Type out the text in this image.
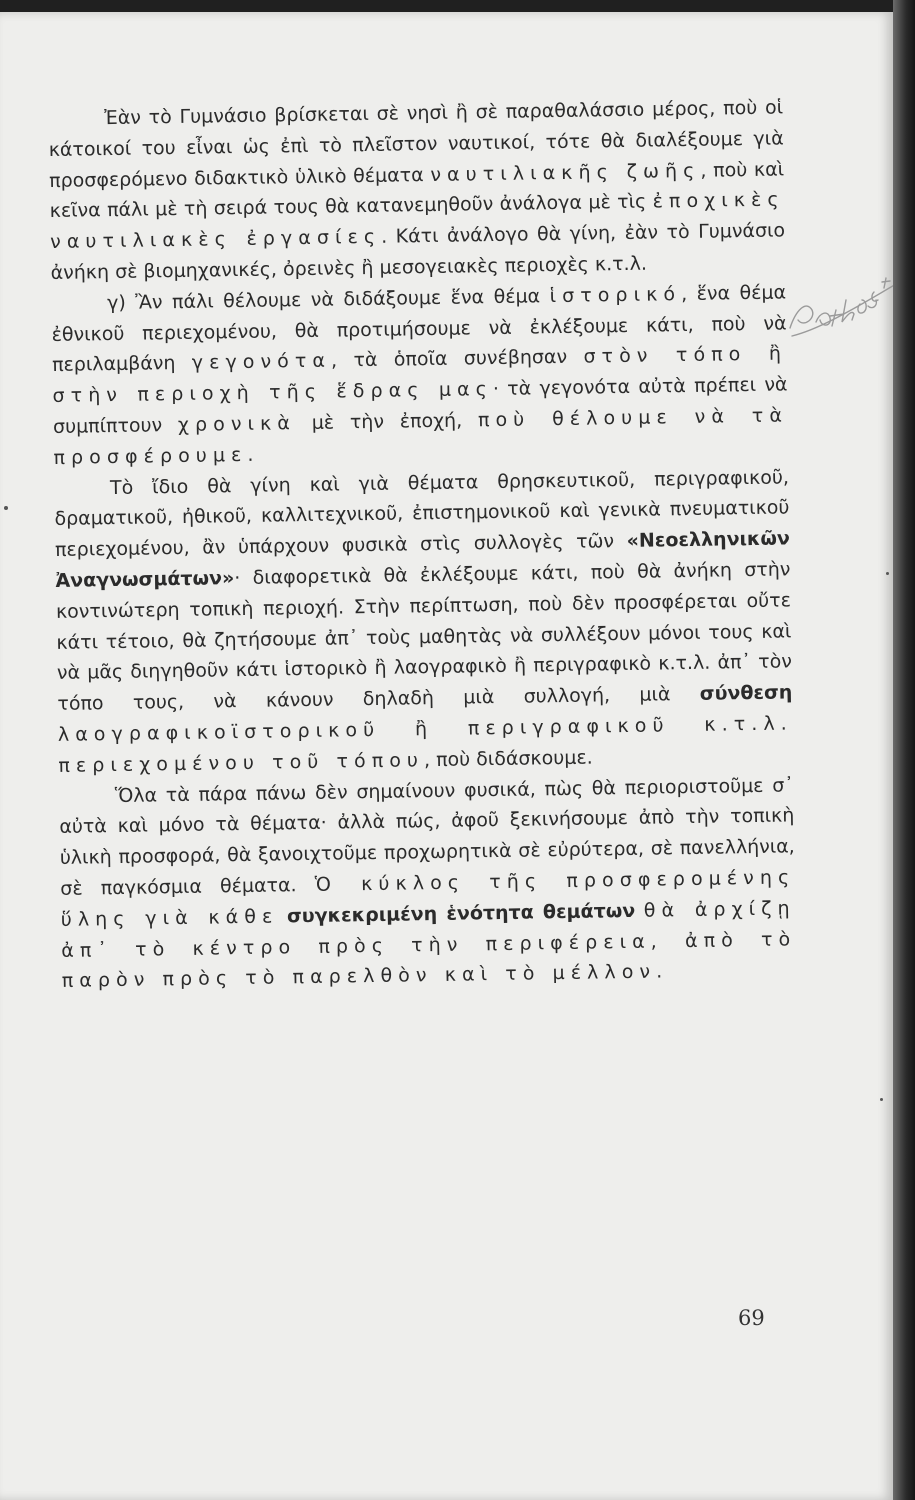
Ἐὰν τὸ Γυμνάσιο βρίσκεται σὲ νησὶ ἢ σὲ παραθαλάσσιο μέρος, ποὺ οἱ κάτοικοί του εἶναι ὡς ἐπὶ τὸ πλεῖστον ναυτικοί, τότε θὰ διαλέξουμε γιὰ προσφερόμενο διδακτικὸ ὑλικὸ θέματα ναυτιλιακῆς ζωῆς, ποὺ καὶ κεῖνα πάλι μὲ τὴ σειρά τους θὰ κατανεμηθοῦν ἀνάλογα μὲ τὶς ἐποχικὲς ναυτιλιακὲς ἐργασίες. Κάτι ἀνάλογο θὰ γίνη, ἐὰν τὸ Γυμνάσιο ἀνήκη σὲ βιομηχανικές, ὀρεινὲς ἢ μεσογειακὲς περιοχὲς κ.τ.λ.

γ) Ἂν πάλι θέλουμε νὰ διδάξουμε ἕνα θέμα ἱστορικό, ἕνα θέμα ἐθνικοῦ περιεχομένου, θὰ προτιμήσουμε νὰ ἐκλέξουμε κάτι, ποὺ νὰ περιλαμβάνη γεγονότα, τὰ ὁποῖα συνέβησαν στὸν τόπο ἢ στὴν περιοχὴ τῆς ἕδρας μας· τὰ γεγονότα αὐτὰ πρέπει νὰ συμπίπτουν χρονικὰ μὲ τὴν ἐποχή, ποὺ θέλουμε νὰ τὰ προσφέρουμε.

Τὸ ἴδιο θὰ γίνη καὶ γιὰ θέματα θρησκευτικοῦ, περιγραφικοῦ, δραματικοῦ, ἠθικοῦ, καλλιτεχνικοῦ, ἐπιστημονικοῦ καὶ γενικὰ πνευματικοῦ περιεχομένου, ἂν ὑπάρχουν φυσικὰ στὶς συλλογὲς τῶν «Νεοελληνικῶν Ἀναγνωσμάτων»· διαφορετικὰ θὰ ἐκλέξουμε κάτι, ποὺ θὰ ἀνήκη στὴν κοντινώτερη τοπικὴ περιοχή. Στὴν περίπτωση, ποὺ δὲν προσφέρεται οὔτε κάτι τέτοιο, θὰ ζητήσουμε ἀπ᾽ τοὺς μαθητὰς νὰ συλλέξουν μόνοι τους καὶ νὰ μᾶς διηγηθοῦν κάτι ἱστορικὸ ἢ λαογραφικὸ ἢ περιγραφικὸ κ.τ.λ. ἀπ᾽ τὸν τόπο τους, νὰ κάνουν δηλαδὴ μιὰ συλλογή, μιὰ σύνθεση λαογραφικοϊστορικοῦ ἢ περιγραφικοῦ κ.τ.λ. περιεχομένου τοῦ τόπου, ποὺ διδάσκουμε.

Ὅλα τὰ πάρα πάνω δὲν σημαίνουν φυσικά, πὼς θὰ περιοριστοῦμε σ᾽ αὐτὰ καὶ μόνο τὰ θέματα· ἀλλὰ πώς, ἀφοῦ ξεκινήσουμε ἀπὸ τὴν τοπικὴ ὑλικὴ προσφορά, θὰ ξανοιχτοῦμε προχωρητικὰ σὲ εὐρύτερα, σὲ πανελλήνια, σὲ παγκόσμια θέματα. Ὁ κύκλος τῆς προσφερομένης ὕλης γιὰ κάθε συγκεκριμένη ἑνότητα θεμάτων θὰ ἀρχίζῃ ἀπ᾽ τὸ κέντρο πρὸς τὴν περιφέρεια, ἀπὸ τὸ παρὸν πρὸς τὸ παρελθὸν καὶ τὸ μέλλον.

69
